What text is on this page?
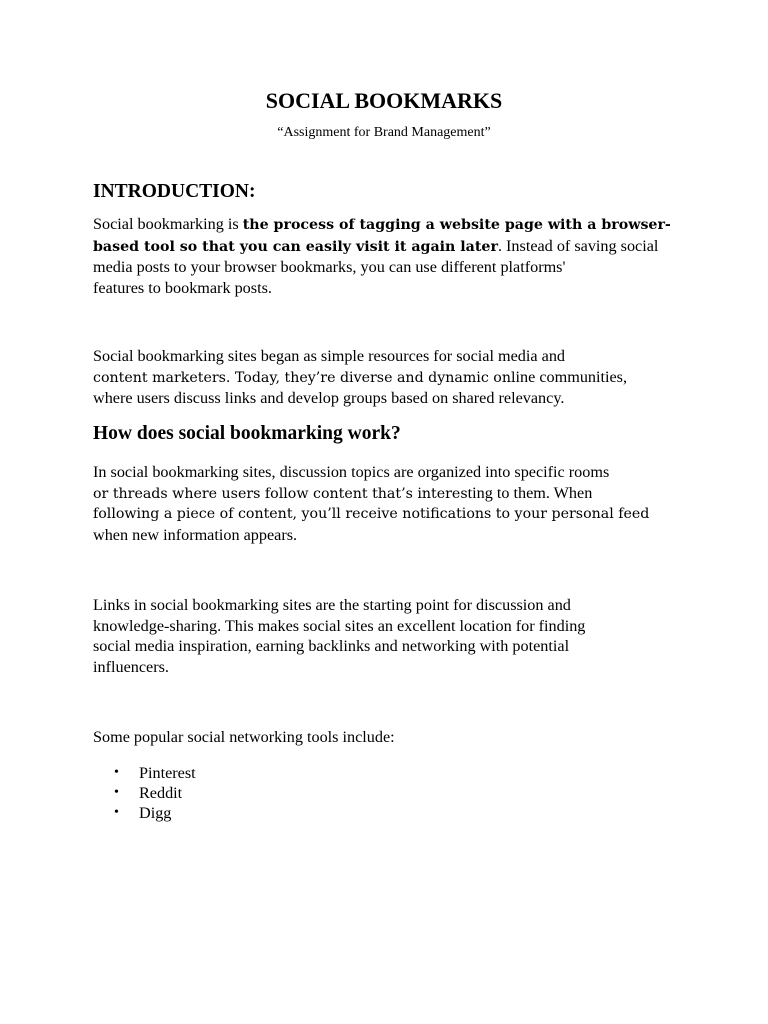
SOCIAL BOOKMARKS

“Assignment for Brand Management”

INTRODUCTION:

Social bookmarking is the process of tagging a website page with a browser-
based tool so that you can easily visit it again later. Instead of saving social
media posts to your browser bookmarks, you can use different platforms'
features to bookmark posts.

Social bookmarking sites began as simple resources for social media and
content marketers. Today, they’re diverse and dynamic online communities,
where users discuss links and develop groups based on shared relevancy.

How does social bookmarking work?

In social bookmarking sites, discussion topics are organized into specific rooms
or threads where users follow content that’s interesting to them. When
following a piece of content, you’ll receive notifications to your personal feed
when new information appears.

Links in social bookmarking sites are the starting point for discussion and
knowledge-sharing. This makes social sites an excellent location for finding
social media inspiration, earning backlinks and networking with potential
influencers.

Some popular social networking tools include:

• Pinterest
• Reddit
• Digg
